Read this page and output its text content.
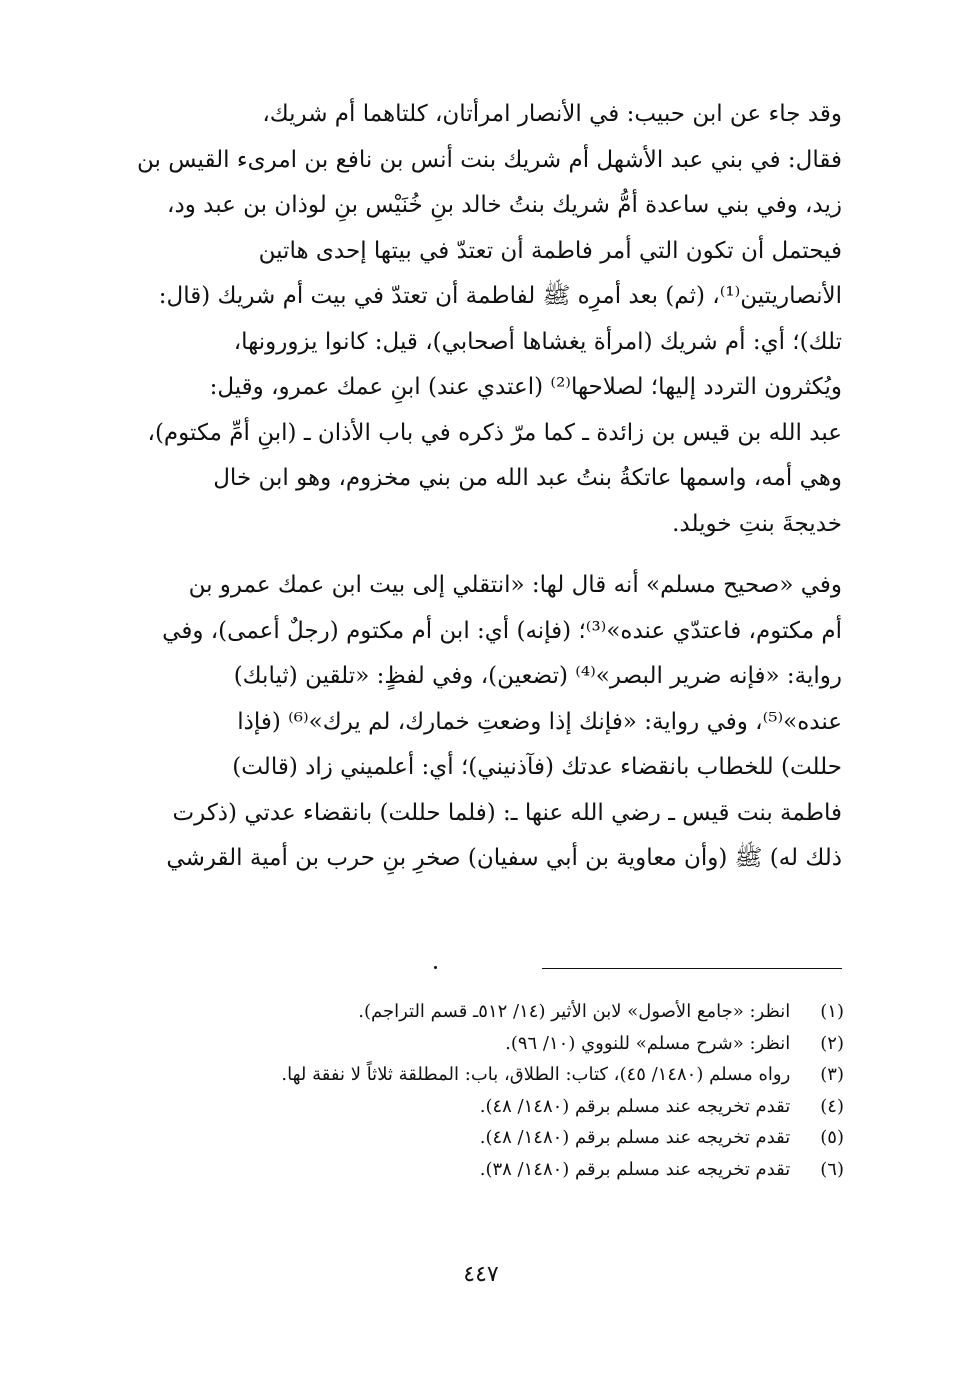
وقد جاء عن ابن حبيب: في الأنصار امرأتان، كلتاهما أم شريك،

فقال: في بني عبد الأشهل أم شريك بنت أنس بن نافع بن امرىء القيس بن

زيد، وفي بني ساعدة أمُّ شريك بنتُ خالد بنِ خُنَيْس بنِ لوذان بن عبد ود،

فيحتمل أن تكون التي أمر فاطمة أن تعتدّ في بيتها إحدى هاتين

الأنصاريتين⁽¹⁾، (ثم) بعد أمرِه ﷺ لفاطمة أن تعتدّ في بيت أم شريك (قال:

تلك)؛ أي: أم شريك (امرأة يغشاها أصحابي)، قيل: كانوا يزورونها،

ويُكثرون التردد إليها؛ لصلاحها⁽²⁾ (اعتدي عند) ابنِ عمك عمرو، وقيل:

عبد الله بن قيس بن زائدة ـ كما مرّ ذكره في باب الأذان ـ (ابنِ أمِّ مكتوم)،

وهي أمه، واسمها عاتكةُ بنتُ عبد الله من بني مخزوم، وهو ابن خال

خديجةَ بنتِ خويلد.

وفي «صحيح مسلم» أنه قال لها: «انتقلي إلى بيت ابن عمك عمرو بن

أم مكتوم، فاعتدّي عنده»⁽³⁾؛ (فإنه) أي: ابن أم مكتوم (رجلٌ أعمى)، وفي

رواية: «فإنه ضرير البصر»⁽⁴⁾ (تضعين)، وفي لفظٍ: «تلقين (ثيابك)

عنده»⁽⁵⁾، وفي رواية: «فإنك إذا وضعتِ خمارك، لم يرك»⁽⁶⁾ (فإذا

حللت) للخطاب بانقضاء عدتك (فآذنيني)؛ أي: أعلميني زاد (قالت)

فاطمة بنت قيس ـ رضي الله عنها ـ: (فلما حللت) بانقضاء عدتي (ذكرت

ذلك له) ﷺ (وأن معاوية بن أبي سفيان) صخرِ بنِ حرب بن أمية القرشي

(١) انظر: «جامع الأصول» لابن الأثير (١٤/ ٥١٢ـ قسم التراجم).
(٢) انظر: «شرح مسلم» للنووي (١٠/ ٩٦).
(٣) رواه مسلم (١٤٨٠/ ٤٥)، كتاب: الطلاق، باب: المطلقة ثلاثاً لا نفقة لها.
(٤) تقدم تخريجه عند مسلم برقم (١٤٨٠/ ٤٨).
(٥) تقدم تخريجه عند مسلم برقم (١٤٨٠/ ٤٨).
(٦) تقدم تخريجه عند مسلم برقم (١٤٨٠/ ٣٨).
٤٤٧
